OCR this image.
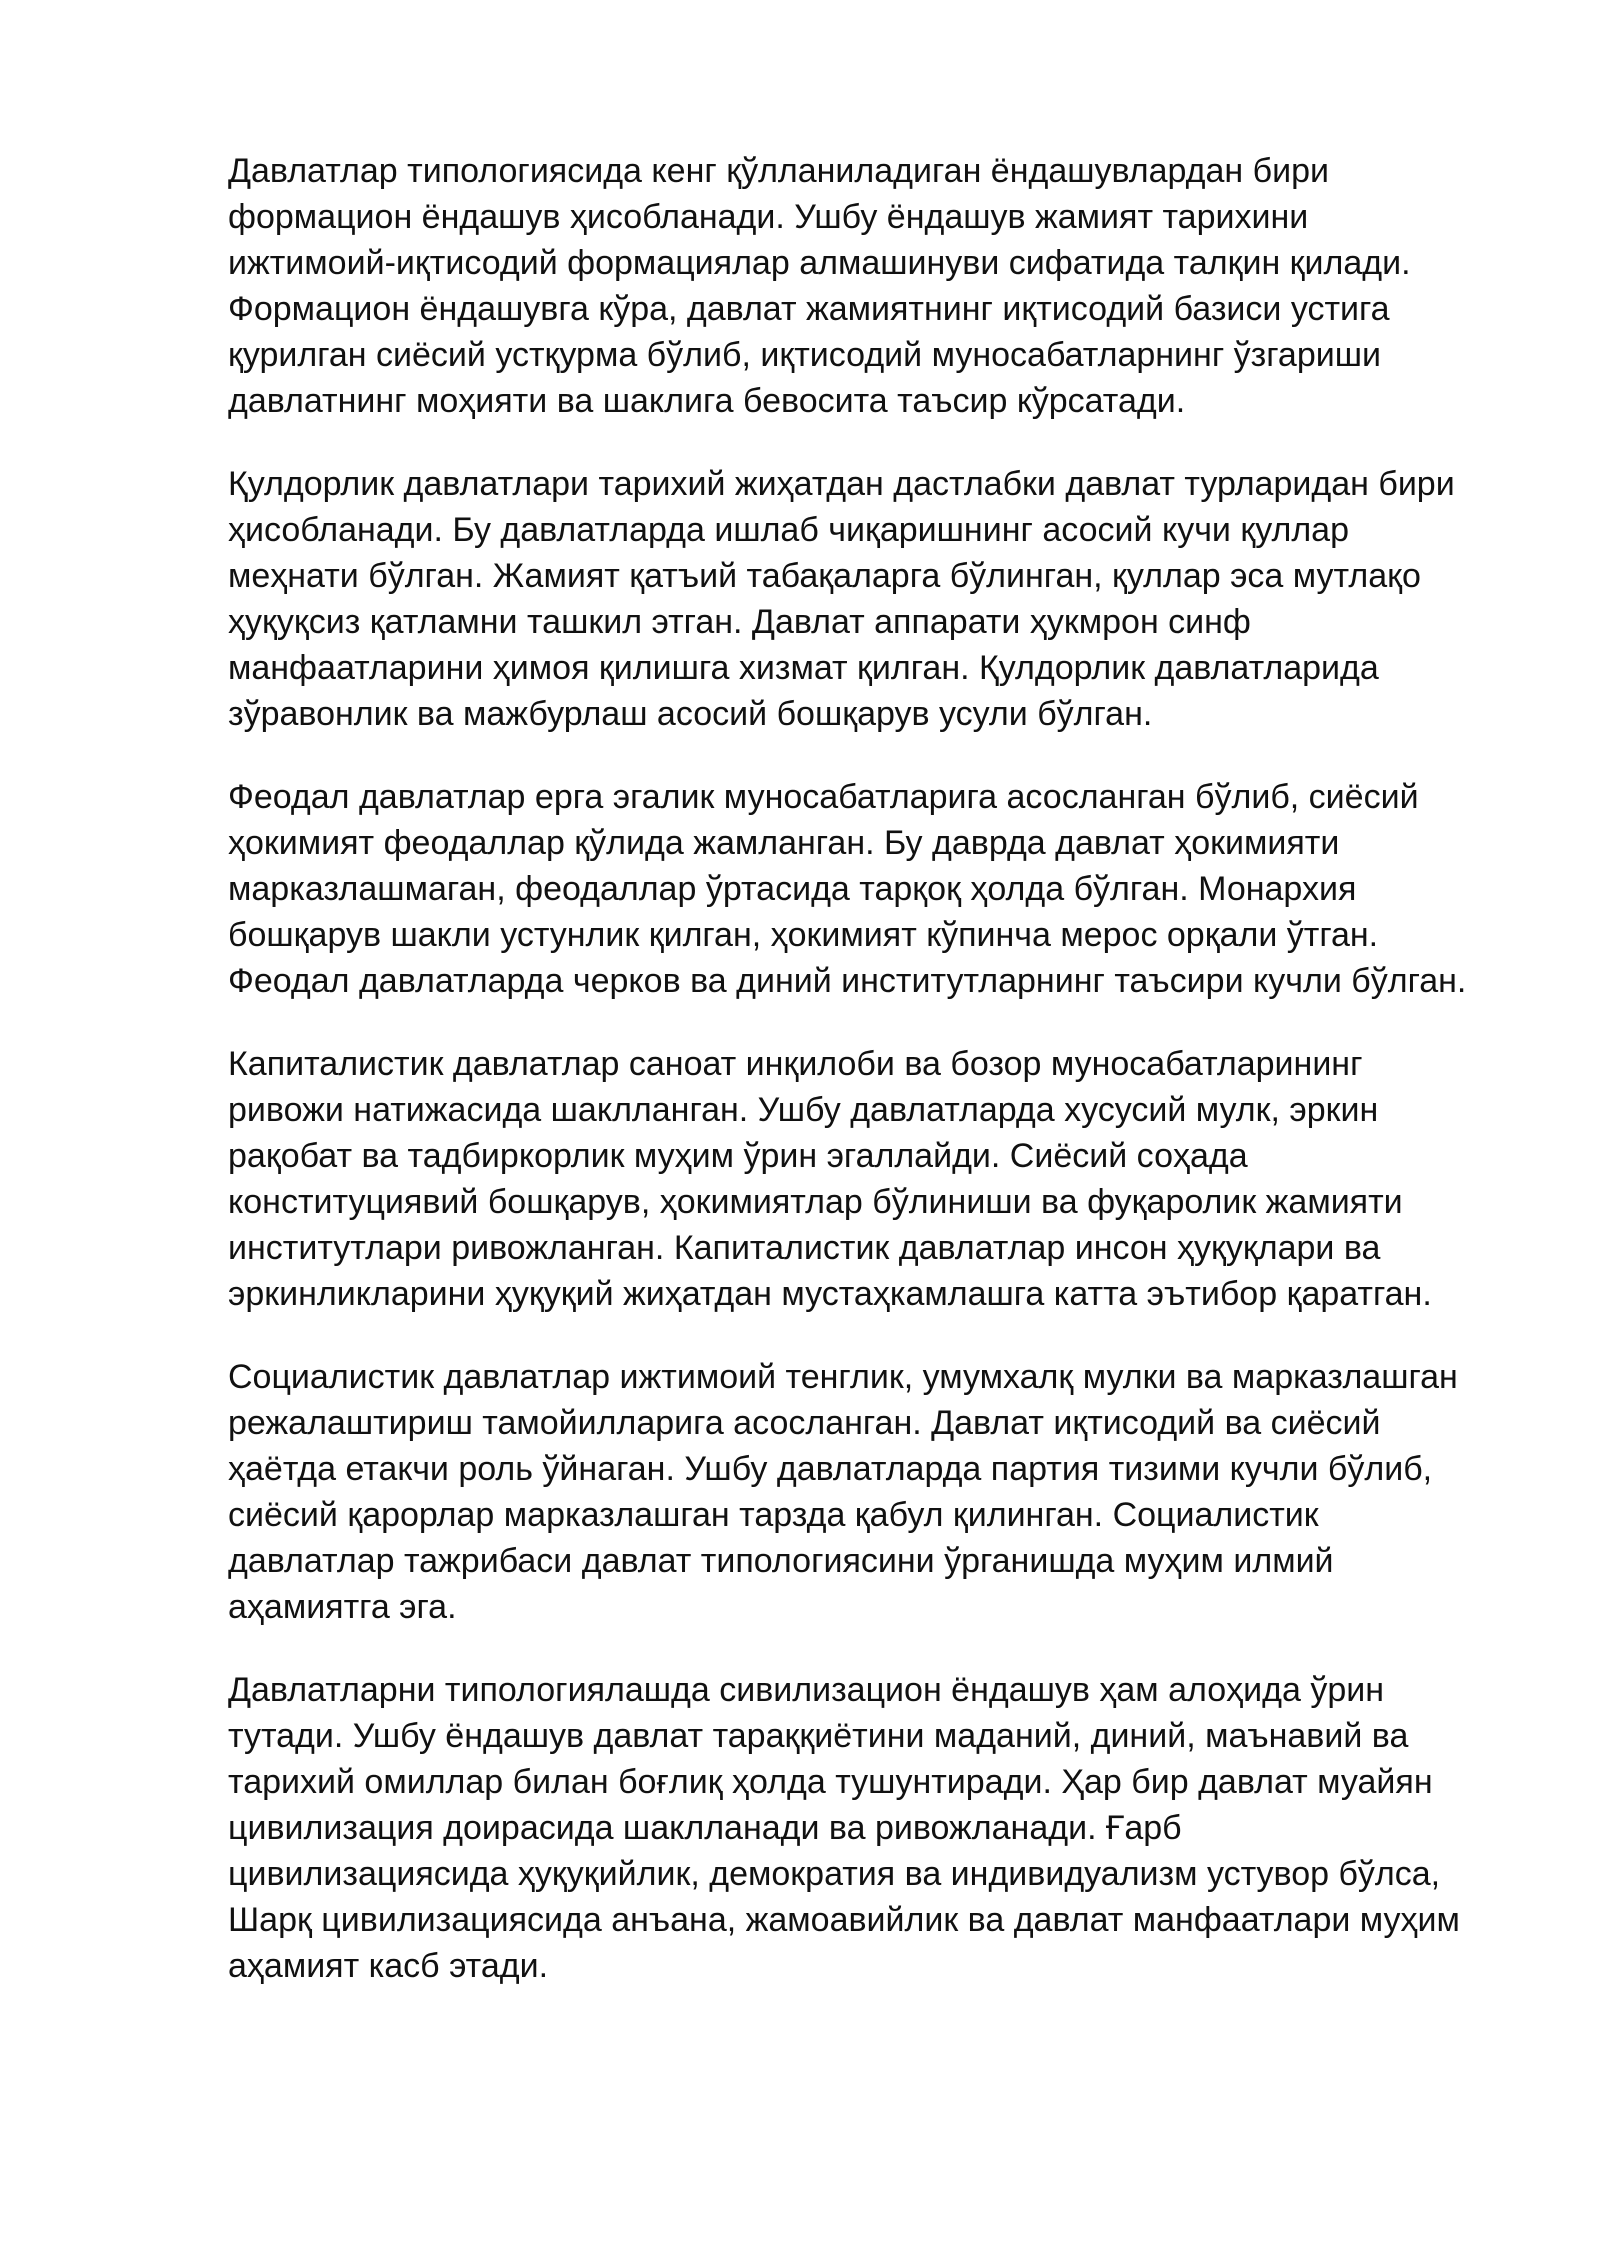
Давлатлар типологиясида кенг қўлланиладиган ёндашувлардан бири
формацион ёндашув ҳисобланади. Ушбу ёндашув жамият тарихини
ижтимоий-иқтисодий формациялар алмашинуви сифатида талқин қилади.
Формацион ёндашувга кўра, давлат жамиятнинг иқтисодий базиси устига
қурилган сиёсий устқурма бўлиб, иқтисодий муносабатларнинг ўзгариши
давлатнинг моҳияти ва шаклига бевосита таъсир кўрсатади.

Қулдорлик давлатлари тарихий жиҳатдан дастлабки давлат турларидан бири
ҳисобланади. Бу давлатларда ишлаб чиқаришнинг асосий кучи қуллар
меҳнати бўлган. Жамият қатъий табақаларга бўлинган, қуллар эса мутлақо
ҳуқуқсиз қатламни ташкил этган. Давлат аппарати ҳукмрон синф
манфаатларини ҳимоя қилишга хизмат қилган. Қулдорлик давлатларида
зўравонлик ва мажбурлаш асосий бошқарув усули бўлган.

Феодал давлатлар ерга эгалик муносабатларига асосланган бўлиб, сиёсий
ҳокимият феодаллар қўлида жамланган. Бу даврда давлат ҳокимияти
марказлашмаган, феодаллар ўртасида тарқоқ ҳолда бўлган. Монархия
бошқарув шакли устунлик қилган, ҳокимият кўпинча мерос орқали ўтган.
Феодал давлатларда черков ва диний институтларнинг таъсири кучли бўлган.

Капиталистик давлатлар саноат инқилоби ва бозор муносабатларининг
ривожи натижасида шаклланган. Ушбу давлатларда хусусий мулк, эркин
рақобат ва тадбиркорлик муҳим ўрин эгаллайди. Сиёсий соҳада
конституциявий бошқарув, ҳокимиятлар бўлиниши ва фуқаролик жамияти
институтлари ривожланган. Капиталистик давлатлар инсон ҳуқуқлари ва
эркинликларини ҳуқуқий жиҳатдан мустаҳкамлашга катта эътибор қаратган.

Социалистик давлатлар ижтимоий тенглик, умумхалқ мулки ва марказлашган
режалаштириш тамойилларига асосланган. Давлат иқтисодий ва сиёсий
ҳаётда етакчи роль ўйнаган. Ушбу давлатларда партия тизими кучли бўлиб,
сиёсий қарорлар марказлашган тарзда қабул қилинган. Социалистик
давлатлар тажрибаси давлат типологиясини ўрганишда муҳим илмий
аҳамиятга эга.

Давлатларни типологиялашда сивилизацион ёндашув ҳам алоҳида ўрин
тутади. Ушбу ёндашув давлат тараққиётини маданий, диний, маънавий ва
тарихий омиллар билан боғлиқ ҳолда тушунтиради. Ҳар бир давлат муайян
цивилизация доирасида шаклланади ва ривожланади. Ғарб
цивилизациясида ҳуқуқийлик, демократия ва индивидуализм устувор бўлса,
Шарқ цивилизациясида анъана, жамоавийлик ва давлат манфаатлари муҳим
аҳамият касб этади.
